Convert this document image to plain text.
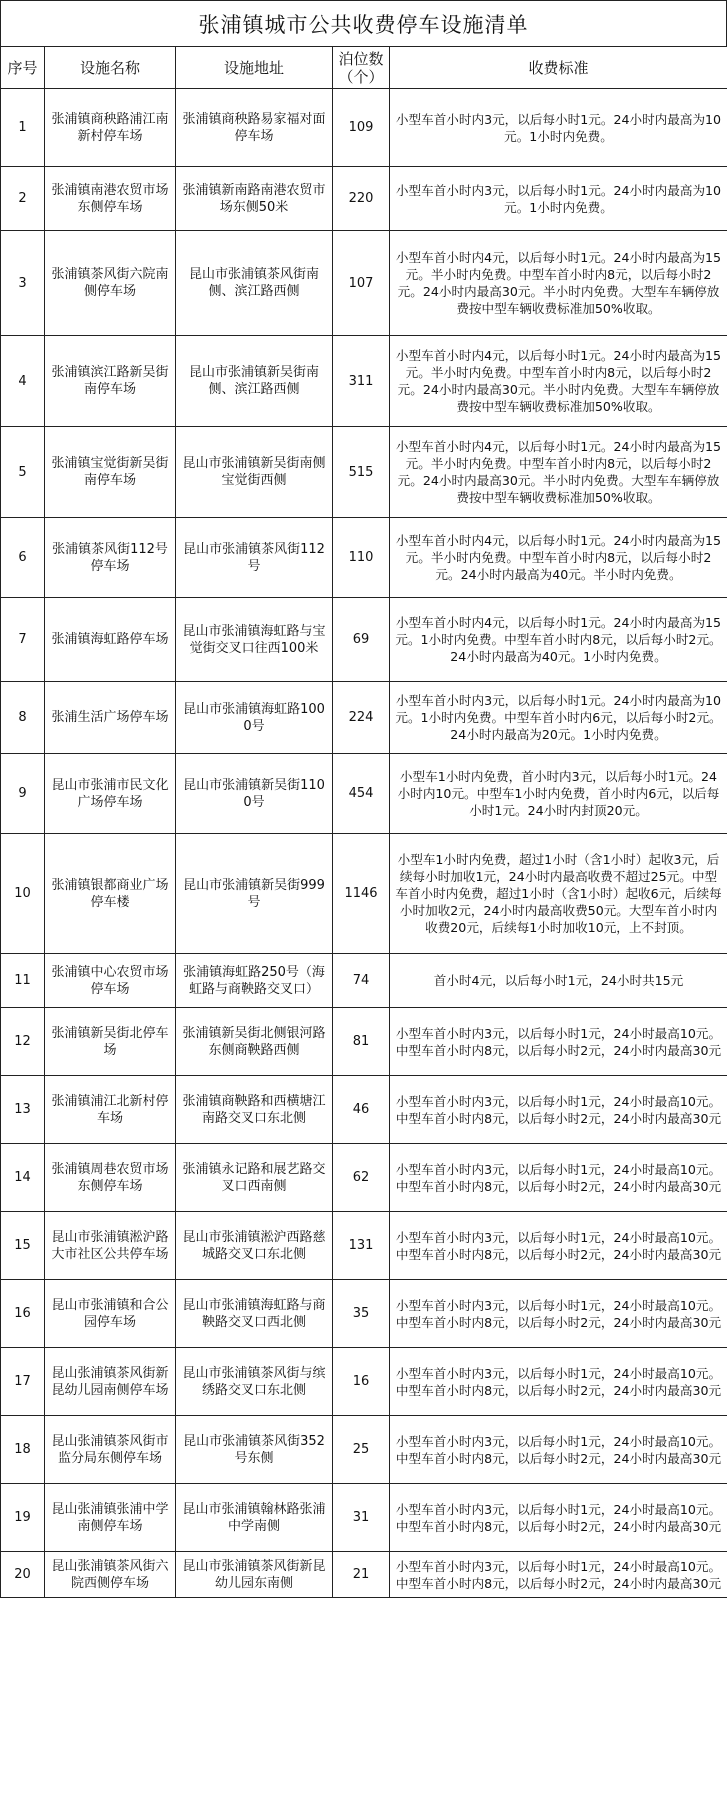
张浦镇城市公共收费停车设施清单
序号	设施名称	设施地址	泊位数（个）	收费标准
1	张浦镇商秧路浦江南新村停车场	张浦镇商秧路易家福对面停车场	109	小型车首小时内3元，以后每小时1元。24小时内最高为10元。1小时内免费。
2	张浦镇南港农贸市场东侧停车场	张浦镇新南路南港农贸市场东侧50米	220	小型车首小时内3元，以后每小时1元。24小时内最高为10元。1小时内免费。
3	张浦镇茶风街六院南侧停车场	昆山市张浦镇茶风街南侧、滨江路西侧	107	小型车首小时内4元，以后每小时1元。24小时内最高为15元。半小时内免费。中型车首小时内8元，以后每小时2元。24小时内最高30元。半小时内免费。大型车车辆停放费按中型车辆收费标准加50%收取。
4	张浦镇滨江路新吴街南停车场	昆山市张浦镇新吴街南侧、滨江路西侧	311	小型车首小时内4元，以后每小时1元。24小时内最高为15元。半小时内免费。中型车首小时内8元，以后每小时2元。24小时内最高30元。半小时内免费。大型车车辆停放费按中型车辆收费标准加50%收取。
5	张浦镇宝觉街新吴街南停车场	昆山市张浦镇新吴街南侧宝觉街西侧	515	小型车首小时内4元，以后每小时1元。24小时内最高为15元。半小时内免费。中型车首小时内8元，以后每小时2元。24小时内最高30元。半小时内免费。大型车车辆停放费按中型车辆收费标准加50%收取。
6	张浦镇茶风街112号停车场	昆山市张浦镇茶风街112号	110	小型车首小时内4元，以后每小时1元。24小时内最高为15元。半小时内免费。中型车首小时内8元，以后每小时2元。24小时内最高为40元。半小时内免费。
7	张浦镇海虹路停车场	昆山市张浦镇海虹路与宝觉街交叉口往西100米	69	小型车首小时内4元，以后每小时1元。24小时内最高为15元。1小时内免费。中型车首小时内8元，以后每小时2元。24小时内最高为40元。1小时内免费。
8	张浦生活广场停车场	昆山市张浦镇海虹路1000号	224	小型车首小时内3元，以后每小时1元。24小时内最高为10元。1小时内免费。中型车首小时内6元，以后每小时2元。24小时内最高为20元。1小时内免费。
9	昆山市张浦市民文化广场停车场	昆山市张浦镇新吴街1100号	454	小型车1小时内免费，首小时内3元，以后每小时1元。24小时内10元。中型车1小时内免费，首小时内6元，以后每小时1元。24小时内封顶20元。
10	张浦镇银都商业广场停车楼	昆山市张浦镇新吴街999号	1146	小型车1小时内免费，超过1小时（含1小时）起收3元，后续每小时加收1元，24小时内最高收费不超过25元。中型车首小时内免费，超过1小时（含1小时）起收6元，后续每小时加收2元，24小时内最高收费50元。大型车首小时内收费20元，后续每1小时加收10元，上不封顶。
11	张浦镇中心农贸市场停车场	张浦镇海虹路250号（海虹路与商鞅路交叉口）	74	首小时4元，以后每小时1元，24小时共15元
12	张浦镇新吴街北停车场	张浦镇新吴街北侧银河路东侧商鞅路西侧	81	小型车首小时内3元，以后每小时1元，24小时最高10元。中型车首小时内8元，以后每小时2元，24小时内最高30元
13	张浦镇浦江北新村停车场	张浦镇商鞅路和西横塘江南路交叉口东北侧	46	小型车首小时内3元，以后每小时1元，24小时最高10元。中型车首小时内8元，以后每小时2元，24小时内最高30元
14	张浦镇周巷农贸市场东侧停车场	张浦镇永记路和展艺路交叉口西南侧	62	小型车首小时内3元，以后每小时1元，24小时最高10元。中型车首小时内8元，以后每小时2元，24小时内最高30元
15	昆山市张浦镇淞沪路大市社区公共停车场	昆山市张浦镇淞沪西路慈城路交叉口东北侧	131	小型车首小时内3元，以后每小时1元，24小时最高10元。中型车首小时内8元，以后每小时2元，24小时内最高30元
16	昆山市张浦镇和合公园停车场	昆山市张浦镇海虹路与商鞅路交叉口西北侧	35	小型车首小时内3元，以后每小时1元，24小时最高10元。中型车首小时内8元，以后每小时2元，24小时内最高30元
17	昆山张浦镇茶风街新昆幼儿园南侧停车场	昆山市张浦镇茶风街与缤绣路交叉口东北侧	16	小型车首小时内3元，以后每小时1元，24小时最高10元。中型车首小时内8元，以后每小时2元，24小时内最高30元
18	昆山张浦镇茶风街市监分局东侧停车场	昆山市张浦镇茶风街352号东侧	25	小型车首小时内3元，以后每小时1元，24小时最高10元。中型车首小时内8元，以后每小时2元，24小时内最高30元
19	昆山张浦镇张浦中学南侧停车场	昆山市张浦镇翰林路张浦中学南侧	31	小型车首小时内3元，以后每小时1元，24小时最高10元。中型车首小时内8元，以后每小时2元，24小时内最高30元
20	昆山张浦镇茶风街六院西侧停车场	昆山市张浦镇茶风街新昆幼儿园东南侧	21	小型车首小时内3元，以后每小时1元，24小时最高10元。中型车首小时内8元，以后每小时2元，24小时内最高30元
